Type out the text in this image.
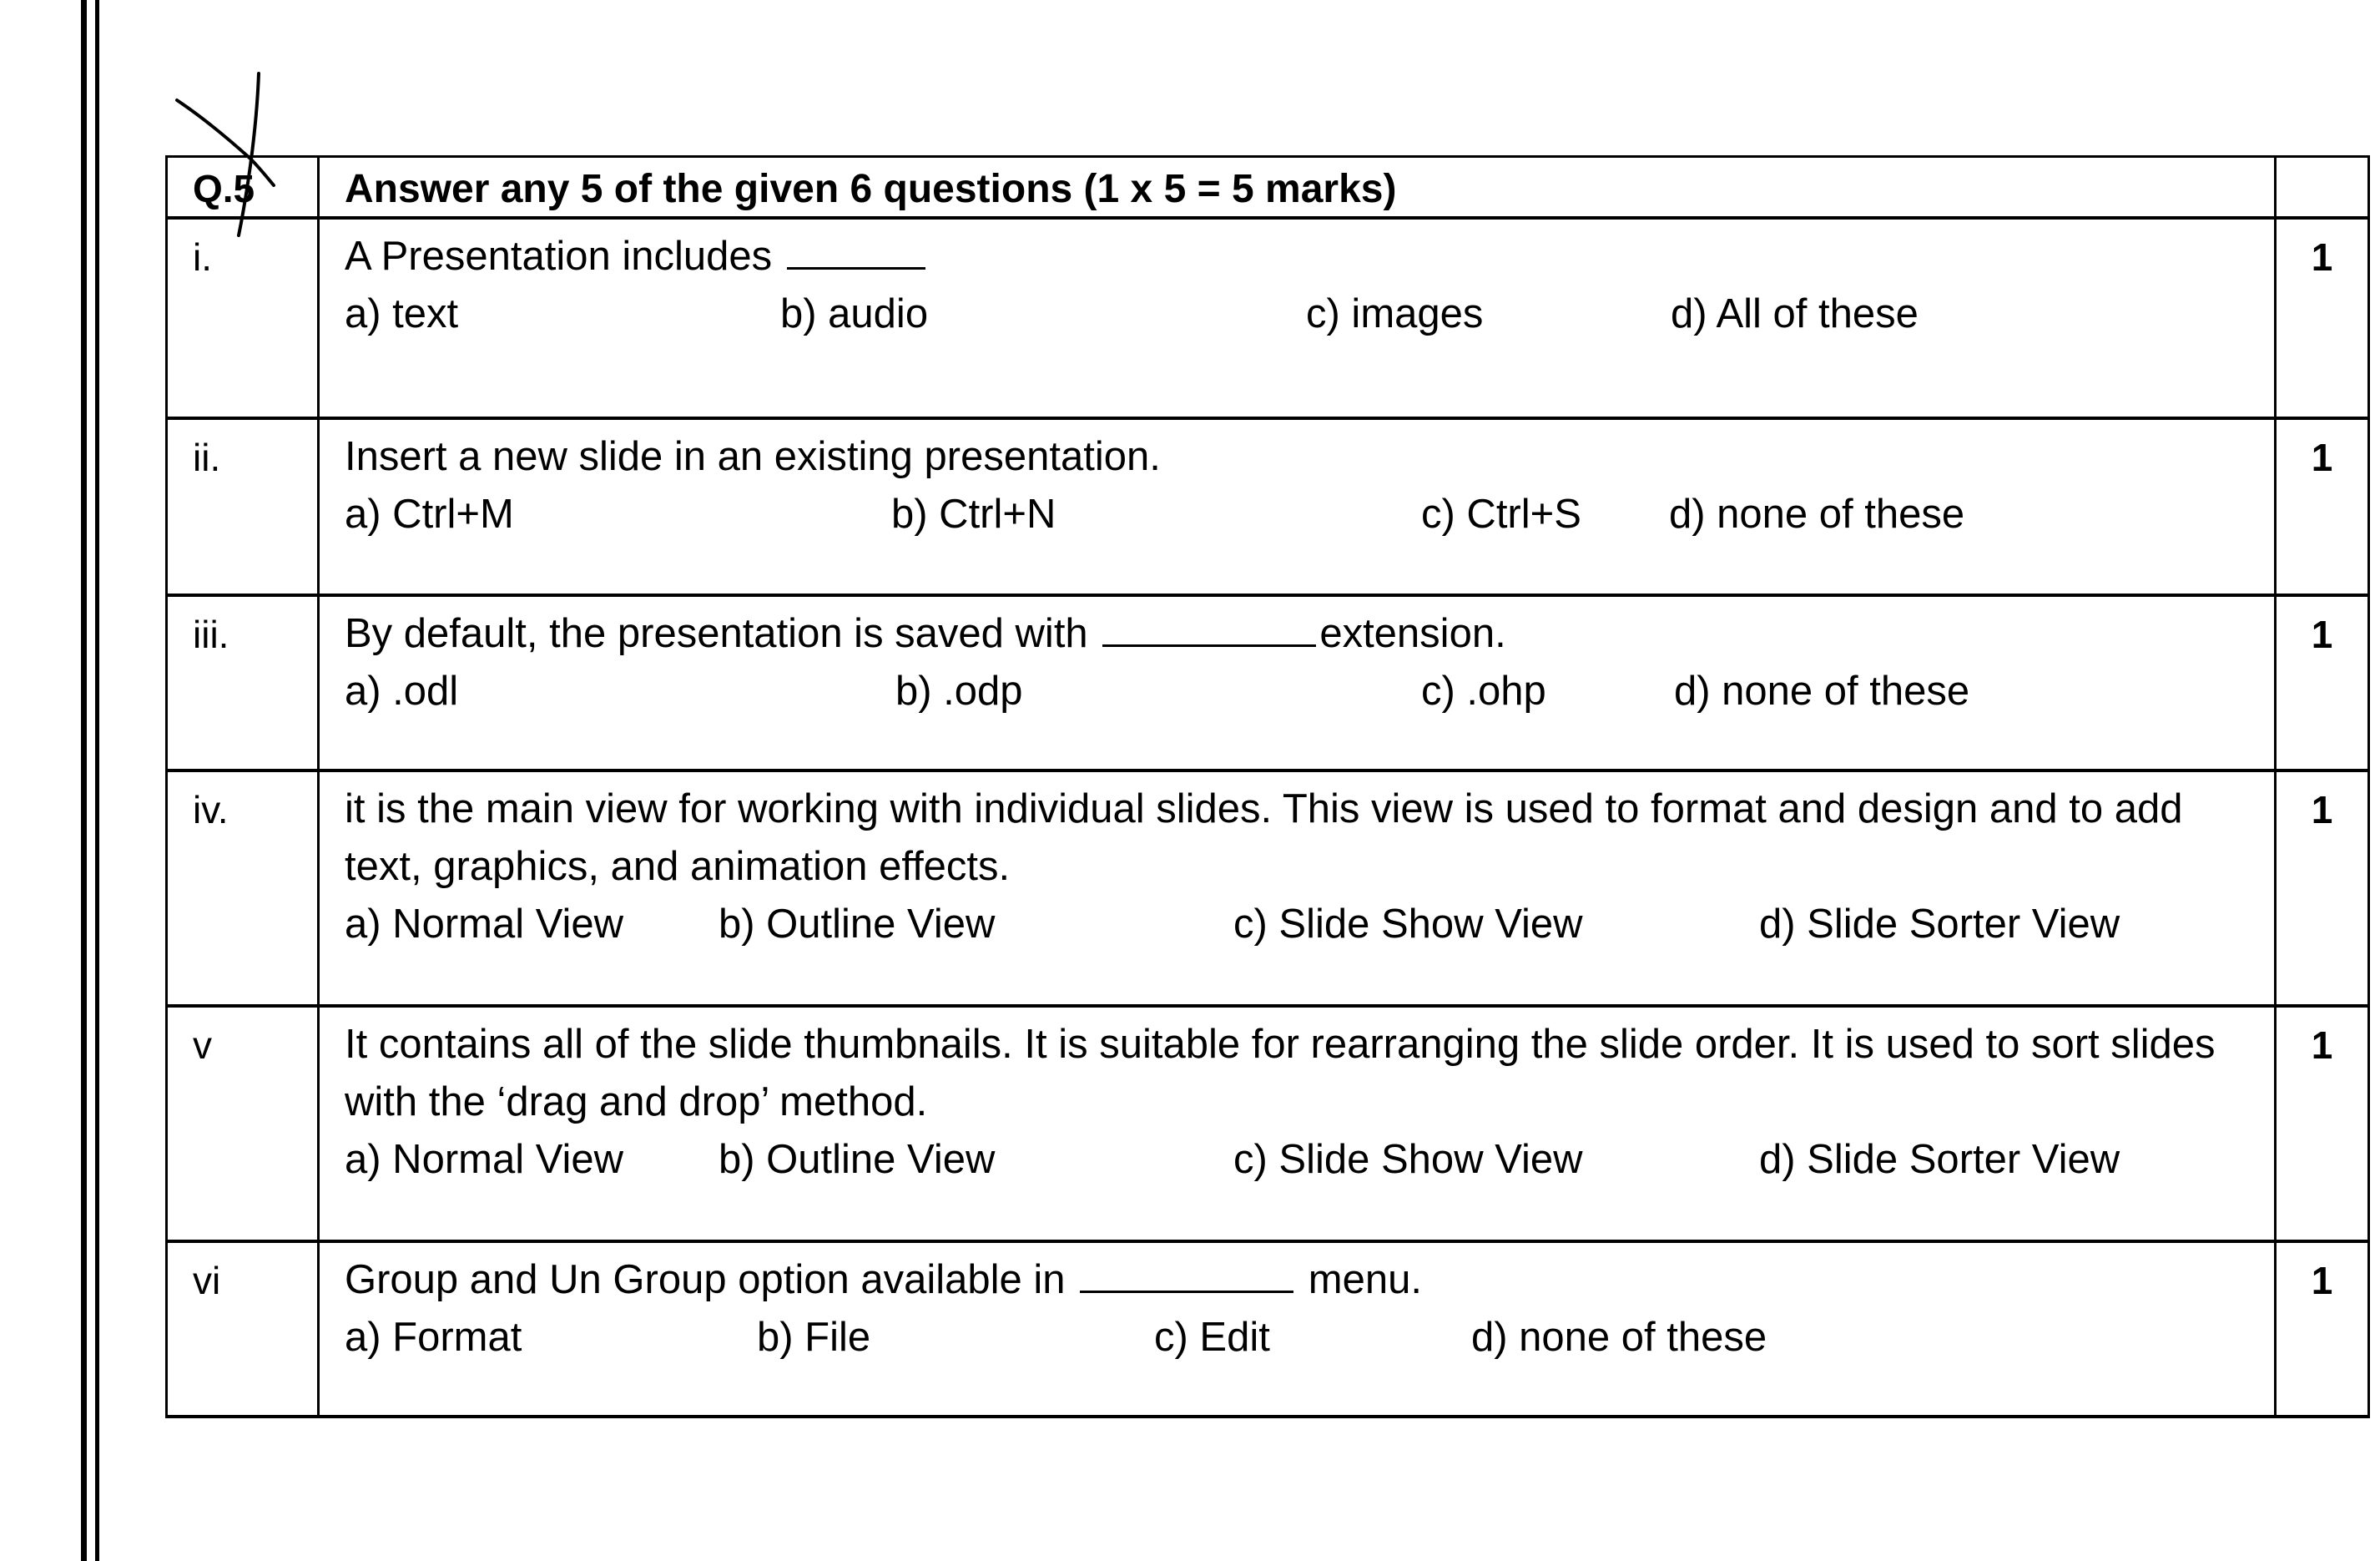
Q.5	Answer any 5 of the given 6 questions (1 x 5 = 5 marks)	
i.	A Presentation includes
a) text b) audio c) images d) All of these	1
ii.	Insert a new slide in an existing presentation.
a) Ctrl+M b) Ctrl+N c) Ctrl+S d) none of these	1
iii.	By default, the presentation is saved with extension.
a) .odl b) .odp c) .ohp d) none of these	1
iv.	it is the main view for working with individual slides. This view is used to format and design and to add text, graphics, and animation effects.
a) Normal View b) Outline View c) Slide Show View d) Slide Sorter View	1
v	It contains all of the slide thumbnails. It is suitable for rearranging the slide order. It is used to sort slides with the ‘drag and drop’ method.
a) Normal View b) Outline View c) Slide Show View d) Slide Sorter View	1
vi	Group and Un Group option available in menu.
a) Format b) File c) Edit d) none of these	1
